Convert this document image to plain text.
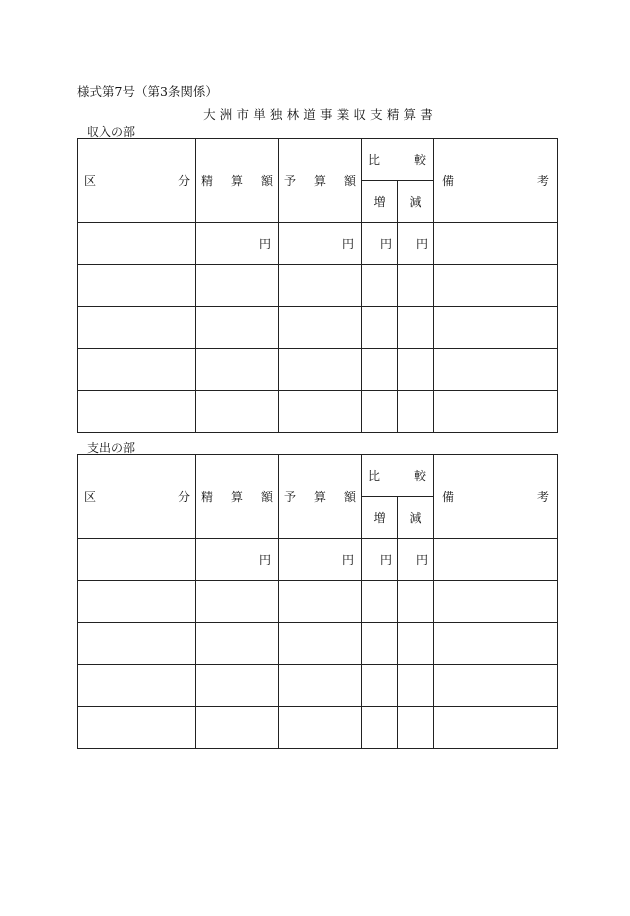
様式第7号（第3条関係）
大洲市単独林道事業収支精算書
収入の部
区 分	精 算 額	予 算 額	比 較		備 考

			増	減	

	円	円	円	円	

支出の部
区 分	精 算 額	予 算 額	比 較		備 考

			増	減	

	円	円	円	円	
